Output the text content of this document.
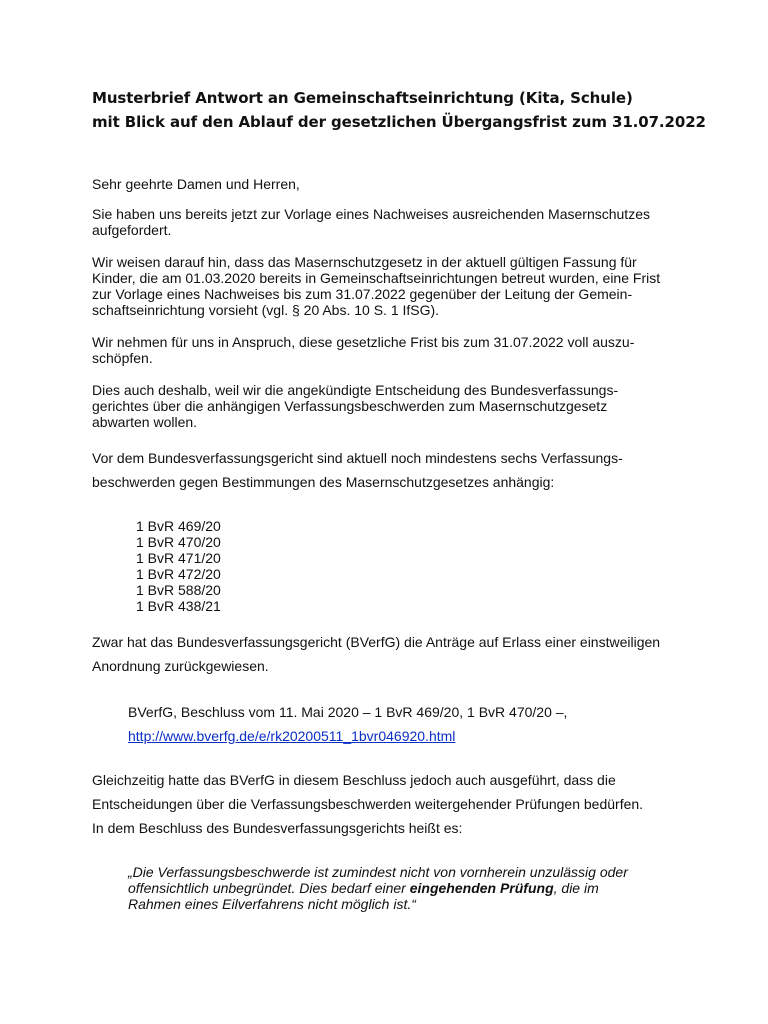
Musterbrief Antwort an Gemeinschaftseinrichtung (Kita, Schule)
mit Blick auf den Ablauf der gesetzlichen Übergangsfrist zum 31.07.2022
Sehr geehrte Damen und Herren,
Sie haben uns bereits jetzt zur Vorlage eines Nachweises ausreichenden Masernschutzes
aufgefordert.
Wir weisen darauf hin, dass das Masernschutzgesetz in der aktuell gültigen Fassung für
Kinder, die am 01.03.2020 bereits in Gemeinschaftseinrichtungen betreut wurden, eine Frist
zur Vorlage eines Nachweises bis zum 31.07.2022 gegenüber der Leitung der Gemein-
schaftseinrichtung vorsieht (vgl. § 20 Abs. 10 S. 1 IfSG).
Wir nehmen für uns in Anspruch, diese gesetzliche Frist bis zum 31.07.2022 voll auszu-
schöpfen.
Dies auch deshalb, weil wir die angekündigte Entscheidung des Bundesverfassungs-
gerichtes über die anhängigen Verfassungsbeschwerden zum Masernschutzgesetz
abwarten wollen.
Vor dem Bundesverfassungsgericht sind aktuell noch mindestens sechs Verfassungs-
beschwerden gegen Bestimmungen des Masernschutzgesetzes anhängig:
1 BvR 469/20
1 BvR 470/20
1 BvR 471/20
1 BvR 472/20
1 BvR 588/20
1 BvR 438/21
Zwar hat das Bundesverfassungsgericht (BVerfG) die Anträge auf Erlass einer einstweiligen
Anordnung zurückgewiesen.
BVerfG, Beschluss vom 11. Mai 2020 – 1 BvR 469/20, 1 BvR 470/20 –,
http://www.bverfg.de/e/rk20200511_1bvr046920.html
Gleichzeitig hatte das BVerfG in diesem Beschluss jedoch auch ausgeführt, dass die
Entscheidungen über die Verfassungsbeschwerden weitergehender Prüfungen bedürfen.
In dem Beschluss des Bundesverfassungsgerichts heißt es:
„Die Verfassungsbeschwerde ist zumindest nicht von vornherein unzulässig oder
offensichtlich unbegründet. Dies bedarf einer eingehenden Prüfung, die im
Rahmen eines Eilverfahrens nicht möglich ist.“
